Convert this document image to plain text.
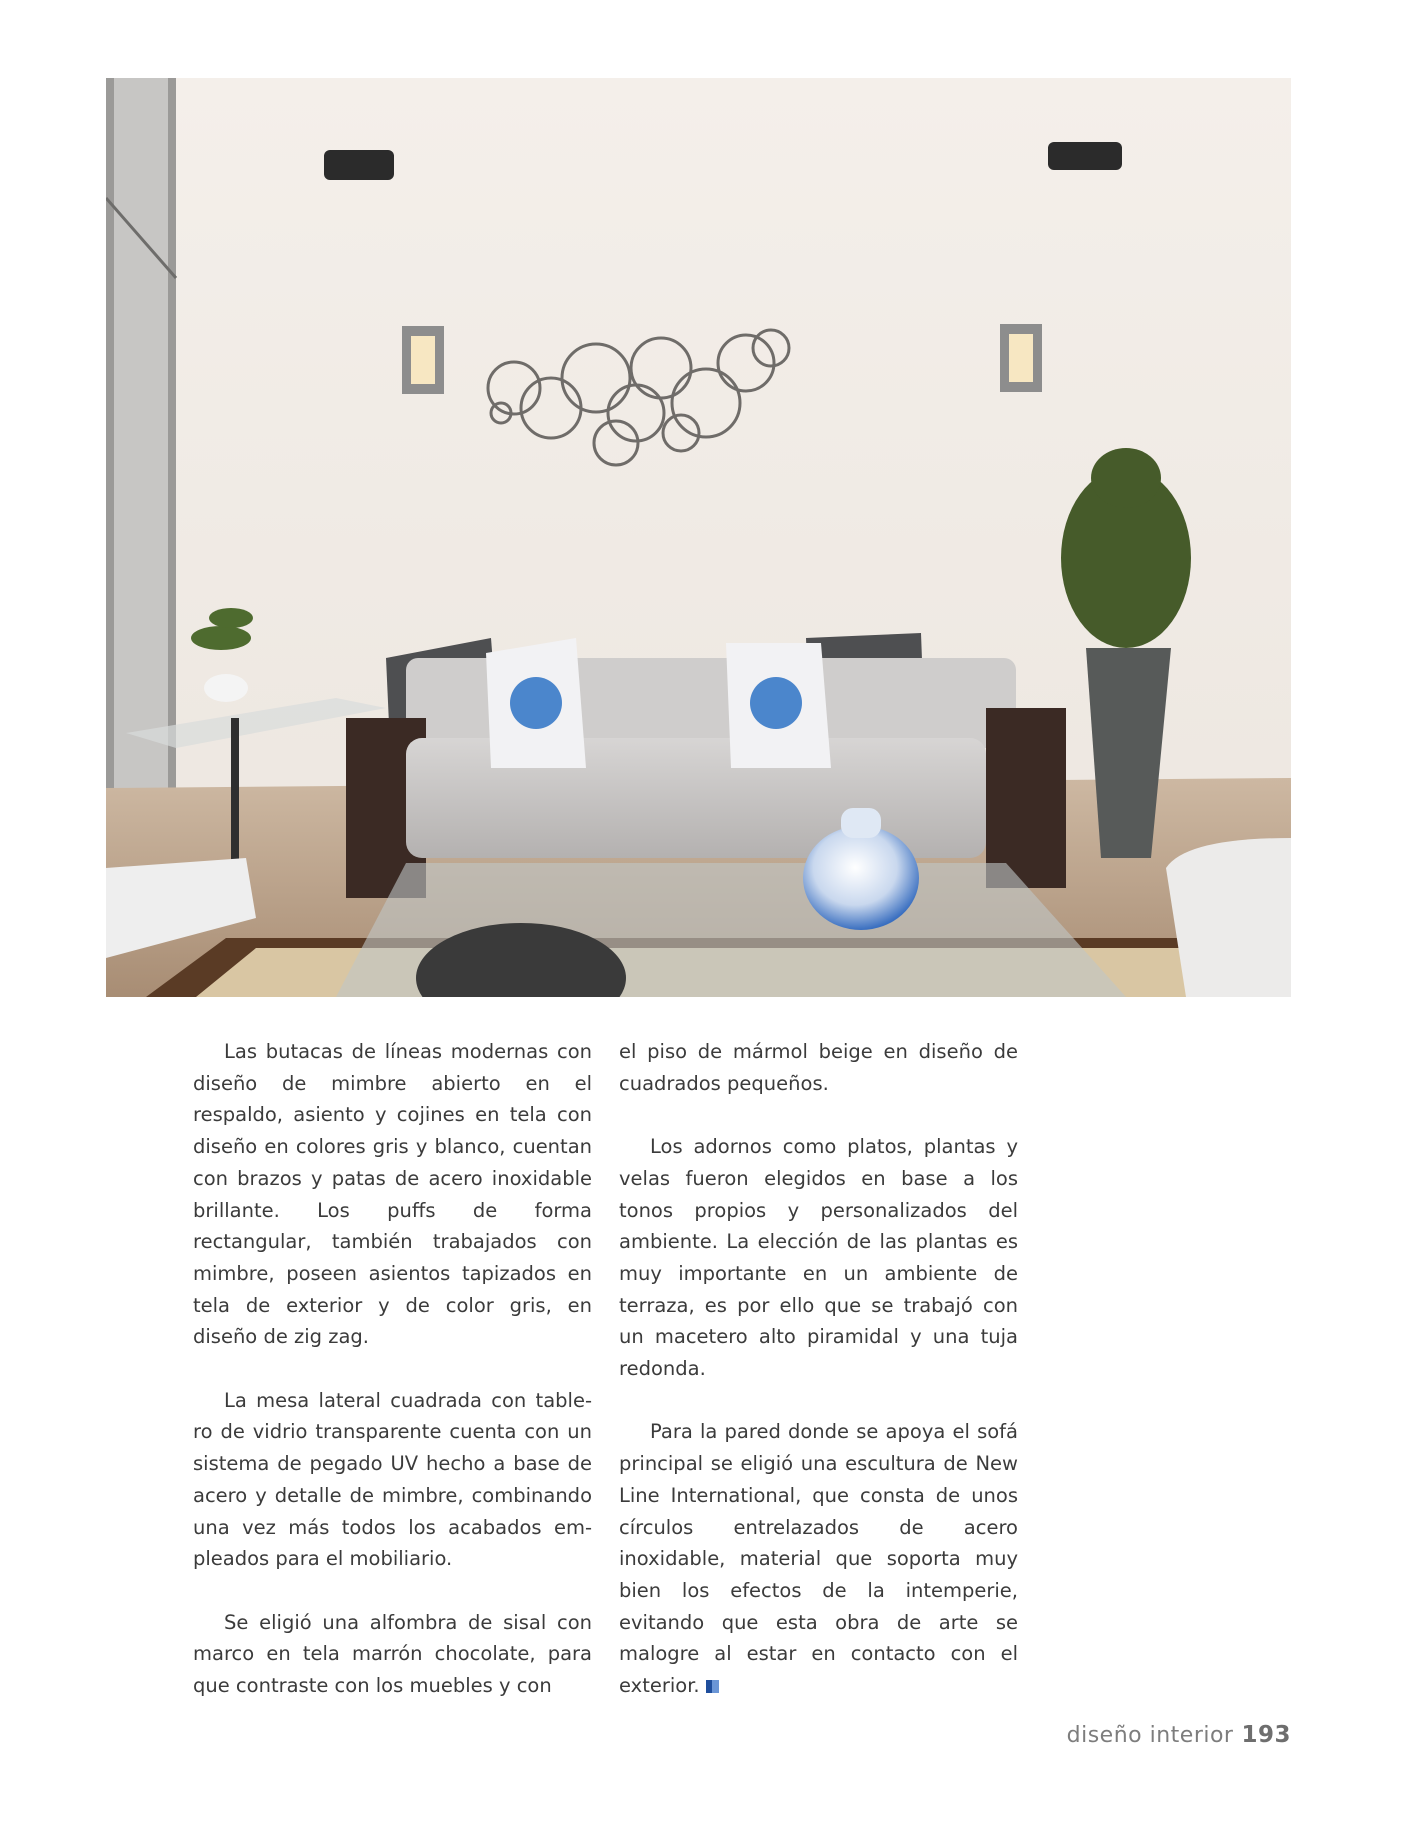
Las butacas de líneas modernas con diseño de mimbre abierto en el respaldo, asiento y cojines en tela con diseño en colores gris y blanco, cuentan con brazos y patas de acero inoxidable brillante. Los puffs de forma rectangular, también trabajados con mimbre, poseen asientos tapizados en tela de exterior y de color gris, en diseño de zig zag.

La mesa lateral cuadrada con table- ro de vidrio transparente cuenta con un sistema de pegado UV hecho a base de acero y detalle de mimbre, combinando una vez más todos los acabados em- pleados para el mobiliario.

Se eligió una alfombra de sisal con marco en tela marrón chocolate, para que contraste con los muebles y con

el piso de mármol beige en diseño de cuadrados pequeños.

Los adornos como platos, plantas y velas fueron elegidos en base a los tonos propios y personalizados del ambiente. La elección de las plantas es muy importante en un ambiente de terraza, es por ello que se trabajó con un macetero alto piramidal y una tuja redonda.

Para la pared donde se apoya el sofá principal se eligió una escultura de New Line International, que consta de unos círculos entrelazados de acero inoxidable, material que soporta muy bien los efectos de la intemperie, evitando que esta obra de arte se malogre al estar en contacto con el exterior.

diseño interior 193
